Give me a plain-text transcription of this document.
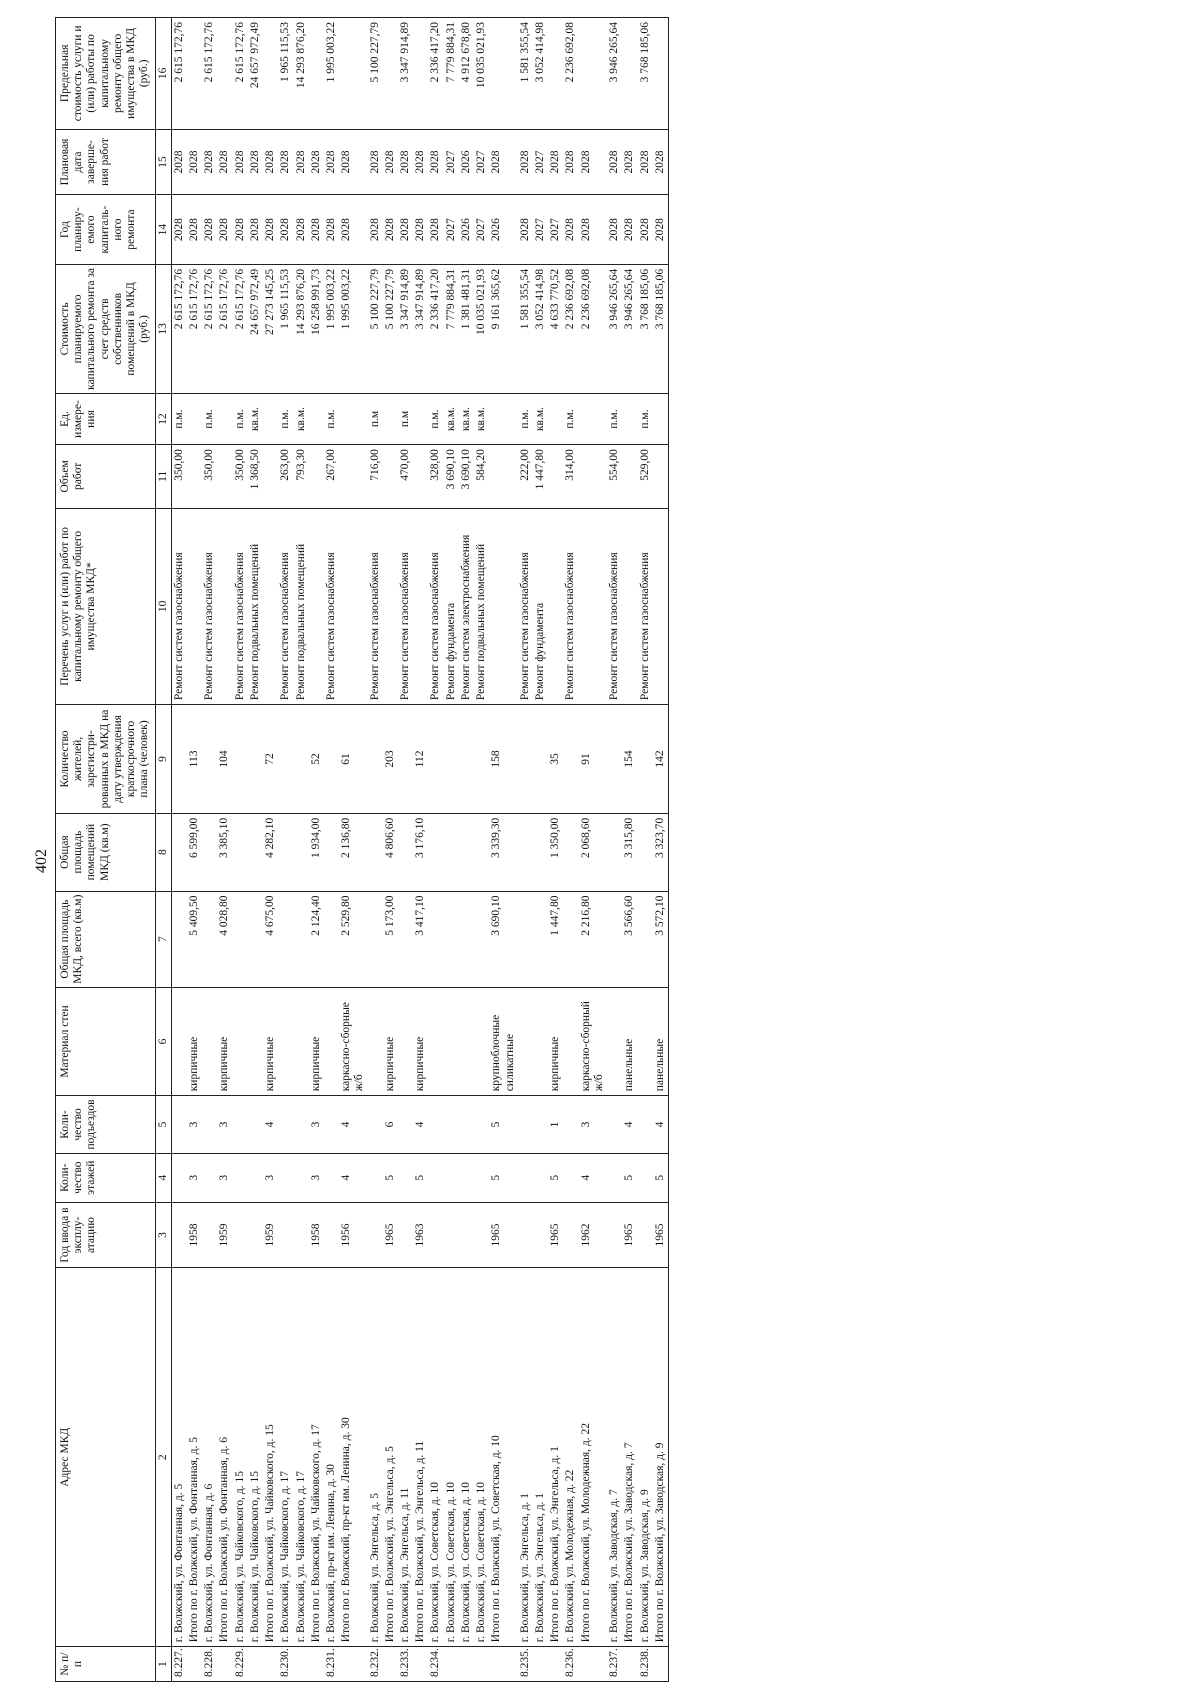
402
№ п/п	Адрес МКД	Год ввода в эксплу-атацию	Коли-чество этажей	Коли-чество подъездов	Материал стен	Общая площадь МКД, всего (кв.м)	Общая площадь помещений МКД (кв.м)	Количество жителей, зарегистри-рованных в МКД на дату утверждения краткосрочного плана (человек)	Перечень услуг и (или) работ по капитальному ремонту общего имущества МКД*	Объем работ	Ед. измере-ния	Стоимость планируемого капитального ремонта за счет средств собственников помещений в МКД (руб.)	Год планиру-емого капиталь-ного ремонта	Плановая дата заверше-ния работ	Предельная стоимость услуги и (или) работы по капитальному ремонту общего имущества в МКД (руб.)
1	2	3	4	5	6	7	8	9	10	11	12	13	14	15	16
8.227.	г. Волжский, ул. Фонтанная, д. 5								Ремонт систем газоснабжения	350,00	п.м.	2 615 172,76	2028	2028	2 615 172,76
	Итого по г. Волжский, ул. Фонтанная, д. 5	1958	3	3	кирпичные	5 409,50	6 599,00	113				2 615 172,76	2028	2028	
8.228.	г. Волжский, ул. Фонтанная, д. 6								Ремонт систем газоснабжения	350,00	п.м.	2 615 172,76	2028	2028	2 615 172,76
	Итого по г. Волжский, ул. Фонтанная, д. 6	1959	3	3	кирпичные	4 028,80	3 385,10	104				2 615 172,76	2028	2028	
8.229.	г. Волжский, ул. Чайковского, д. 15								Ремонт систем газоснабжения	350,00	п.м.	2 615 172,76	2028	2028	2 615 172,76
	г. Волжский, ул. Чайковского, д. 15								Ремонт подвальных помещений	1 368,50	кв.м.	24 657 972,49	2028	2028	24 657 972,49
	Итого по г. Волжский, ул. Чайковского, д. 15	1959	3	4	кирпичные	4 675,00	4 282,10	72				27 273 145,25	2028	2028	
8.230.	г. Волжский, ул. Чайковского, д. 17								Ремонт систем газоснабжения	263,00	п.м.	1 965 115,53	2028	2028	1 965 115,53
	г. Волжский, ул. Чайковского, д. 17								Ремонт подвальных помещений	793,30	кв.м.	14 293 876,20	2028	2028	14 293 876,20
	Итого по г. Волжский, ул. Чайковского, д. 17	1958	3	3	кирпичные	2 124,40	1 934,00	52				16 258 991,73	2028	2028	
8.231.	г. Волжский, пр-кт им. Ленина, д. 30								Ремонт систем газоснабжения	267,00	п.м.	1 995 003,22	2028	2028	1 995 003,22
	Итого по г. Волжский, пр-кт им. Ленина, д. 30	1956	4	4	каркасно-сборные ж/б	2 529,80	2 136,80	61				1 995 003,22	2028	2028	
8.232.	г. Волжский, ул. Энгельса, д. 5								Ремонт систем газоснабжения	716,00	п.м	5 100 227,79	2028	2028	5 100 227,79
	Итого по г. Волжский, ул. Энгельса, д. 5	1965	5	6	кирпичные	5 173,00	4 806,60	203				5 100 227,79	2028	2028	
8.233.	г. Волжский, ул. Энгельса, д. 11								Ремонт систем газоснабжения	470,00	п.м	3 347 914,89	2028	2028	3 347 914,89
	Итого по г. Волжский, ул. Энгельса, д. 11	1963	5	4	кирпичные	3 417,10	3 176,10	112				3 347 914,89	2028	2028	
8.234.	г. Волжский, ул. Советская, д. 10								Ремонт систем газоснабжения	328,00	п.м.	2 336 417,20	2028	2028	2 336 417,20
	г. Волжский, ул. Советская, д. 10								Ремонт фундамента	3 690,10	кв.м.	7 779 884,31	2027	2027	7 779 884,31
	г. Волжский, ул. Советская, д. 10								Ремонт систем электроснабжения	3 690,10	кв.м.	1 381 481,31	2026	2026	4 912 678,80
	г. Волжский, ул. Советская, д. 10								Ремонт подвальных помещений	584,20	кв.м.	10 035 021,93	2027	2027	10 035 021,93
	Итого по г. Волжский, ул. Советская, д. 10	1965	5	5	крупноблочные силикатные	3 690,10	3 339,30	158				9 161 365,62	2026	2028	
8.235.	г. Волжский, ул. Энгельса, д. 1								Ремонт систем газоснабжения	222,00	п.м.	1 581 355,54	2028	2028	1 581 355,54
	г. Волжский, ул. Энгельса, д. 1								Ремонт фундамента	1 447,80	кв.м.	3 052 414,98	2027	2027	3 052 414,98
	Итого по г. Волжский, ул. Энгельса, д. 1	1965	5	1	кирпичные	1 447,80	1 350,00	35				4 633 770,52	2027	2028	
8.236.	г. Волжский, ул. Молодежная, д. 22								Ремонт систем газоснабжения	314,00	п.м.	2 236 692,08	2028	2028	2 236 692,08
	Итого по г. Волжский, ул. Молодежная, д. 22	1962	4	3	каркасно-сборный ж/б	2 216,80	2 068,60	91				2 236 692,08	2028	2028	
8.237.	г. Волжский, ул. Заводская, д. 7								Ремонт систем газоснабжения	554,00	п.м.	3 946 265,64	2028	2028	3 946 265,64
	Итого по г. Волжский, ул. Заводская, д. 7	1965	5	4	панельные	3 566,60	3 315,80	154				3 946 265,64	2028	2028	
8.238.	г. Волжский, ул. Заводская, д. 9								Ремонт систем газоснабжения	529,00	п.м.	3 768 185,06	2028	2028	3 768 185,06
	Итого по г. Волжский, ул. Заводская, д. 9	1965	5	4	панельные	3 572,10	3 323,70	142				3 768 185,06	2028	2028	
